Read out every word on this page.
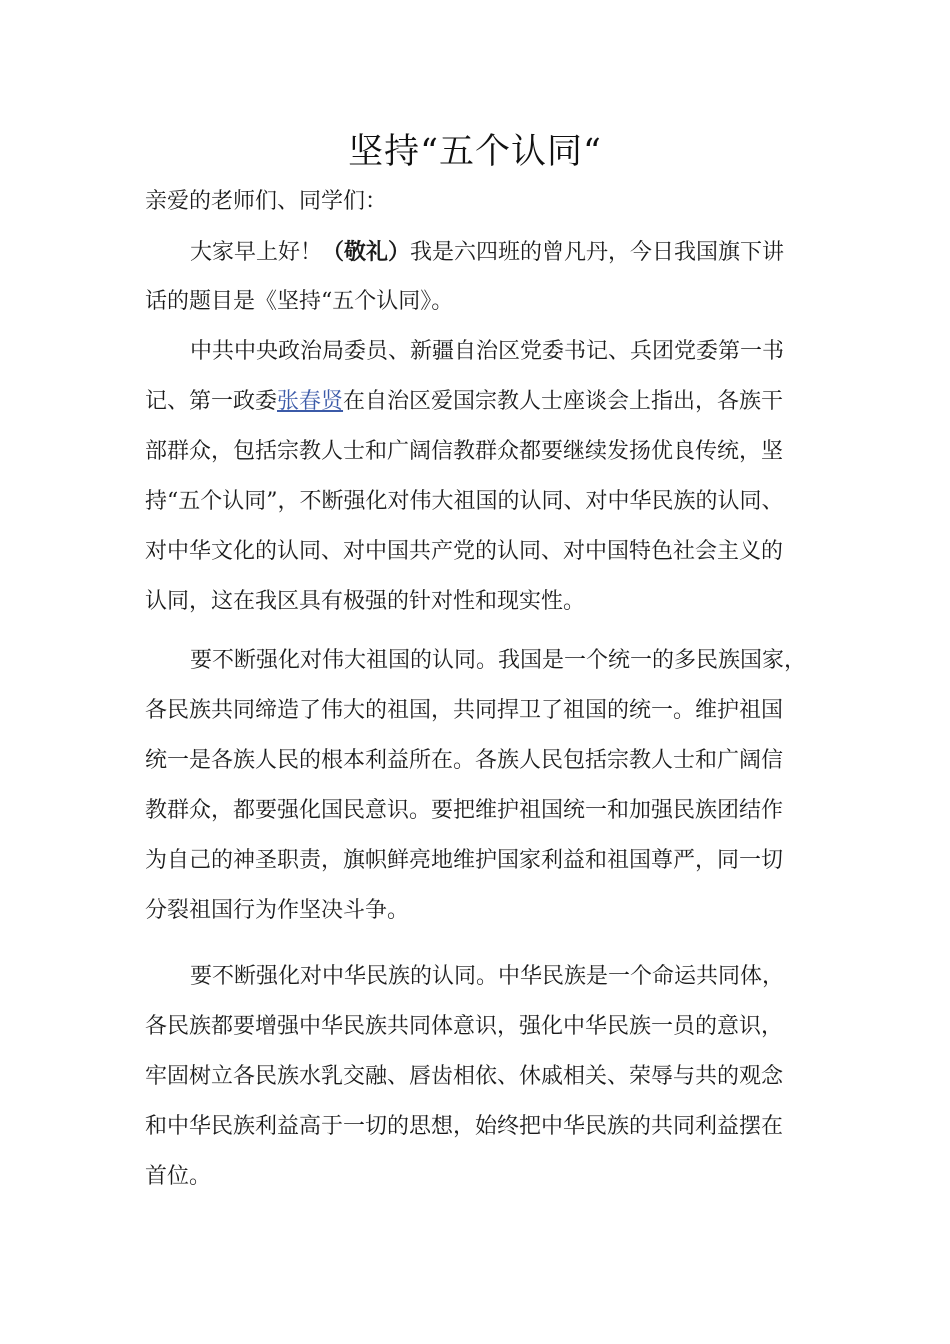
坚持“五个认同“
亲爱的老师们、同学们：
大家早上好！（敬礼）我是六四班的曾凡丹，今日我国旗下讲
话的题目是《坚持“五个认同》。
中共中央政治局委员、新疆自治区党委书记、兵团党委第一书
记、第一政委张春贤在自治区爱国宗教人士座谈会上指出，各族干
部群众，包括宗教人士和广阔信教群众都要继续发扬优良传统，坚
持“五个认同”，不断强化对伟大祖国的认同、对中华民族的认同、
对中华文化的认同、对中国共产党的认同、对中国特色社会主义的
认同，这在我区具有极强的针对性和现实性。
要不断强化对伟大祖国的认同。我国是一个统一的多民族国家，
各民族共同缔造了伟大的祖国，共同捍卫了祖国的统一。维护祖国
统一是各族人民的根本利益所在。各族人民包括宗教人士和广阔信
教群众，都要强化国民意识。要把维护祖国统一和加强民族团结作
为自己的神圣职责，旗帜鲜亮地维护国家利益和祖国尊严，同一切
分裂祖国行为作坚决斗争。
要不断强化对中华民族的认同。中华民族是一个命运共同体，
各民族都要增强中华民族共同体意识，强化中华民族一员的意识，
牢固树立各民族水乳交融、唇齿相依、休戚相关、荣辱与共的观念
和中华民族利益高于一切的思想，始终把中华民族的共同利益摆在
首位。
